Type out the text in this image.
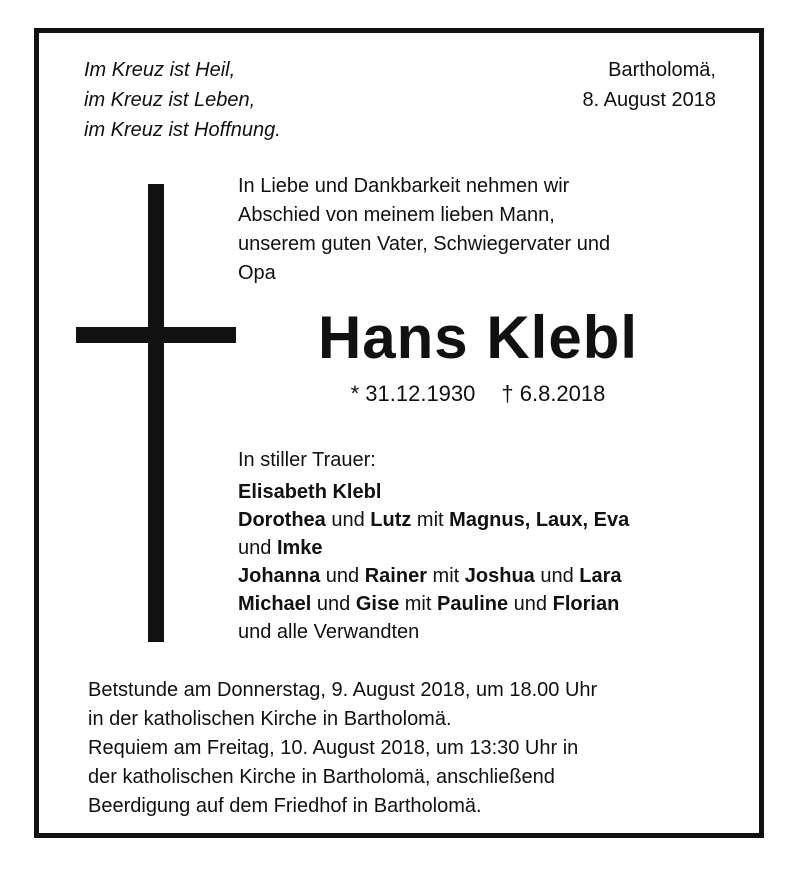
Im Kreuz ist Heil,
im Kreuz ist Leben,
im Kreuz ist Hoffnung.
Bartholomä,
8. August 2018
In Liebe und Dankbarkeit nehmen wir
Abschied von meinem lieben Mann,
unserem guten Vater, Schwiegervater und
Opa
Hans Klebl
* 31.12.1930 † 6.8.2018
In stiller Trauer:
Elisabeth Klebl
Dorothea und Lutz mit Magnus, Laux, Eva
und Imke
Johanna und Rainer mit Joshua und Lara
Michael und Gise mit Pauline und Florian
und alle Verwandten
Betstunde am Donnerstag, 9. August 2018, um 18.00 Uhr
in der katholischen Kirche in Bartholomä.
Requiem am Freitag, 10. August 2018, um 13:30 Uhr in
der katholischen Kirche in Bartholomä, anschließend
Beerdigung auf dem Friedhof in Bartholomä.
